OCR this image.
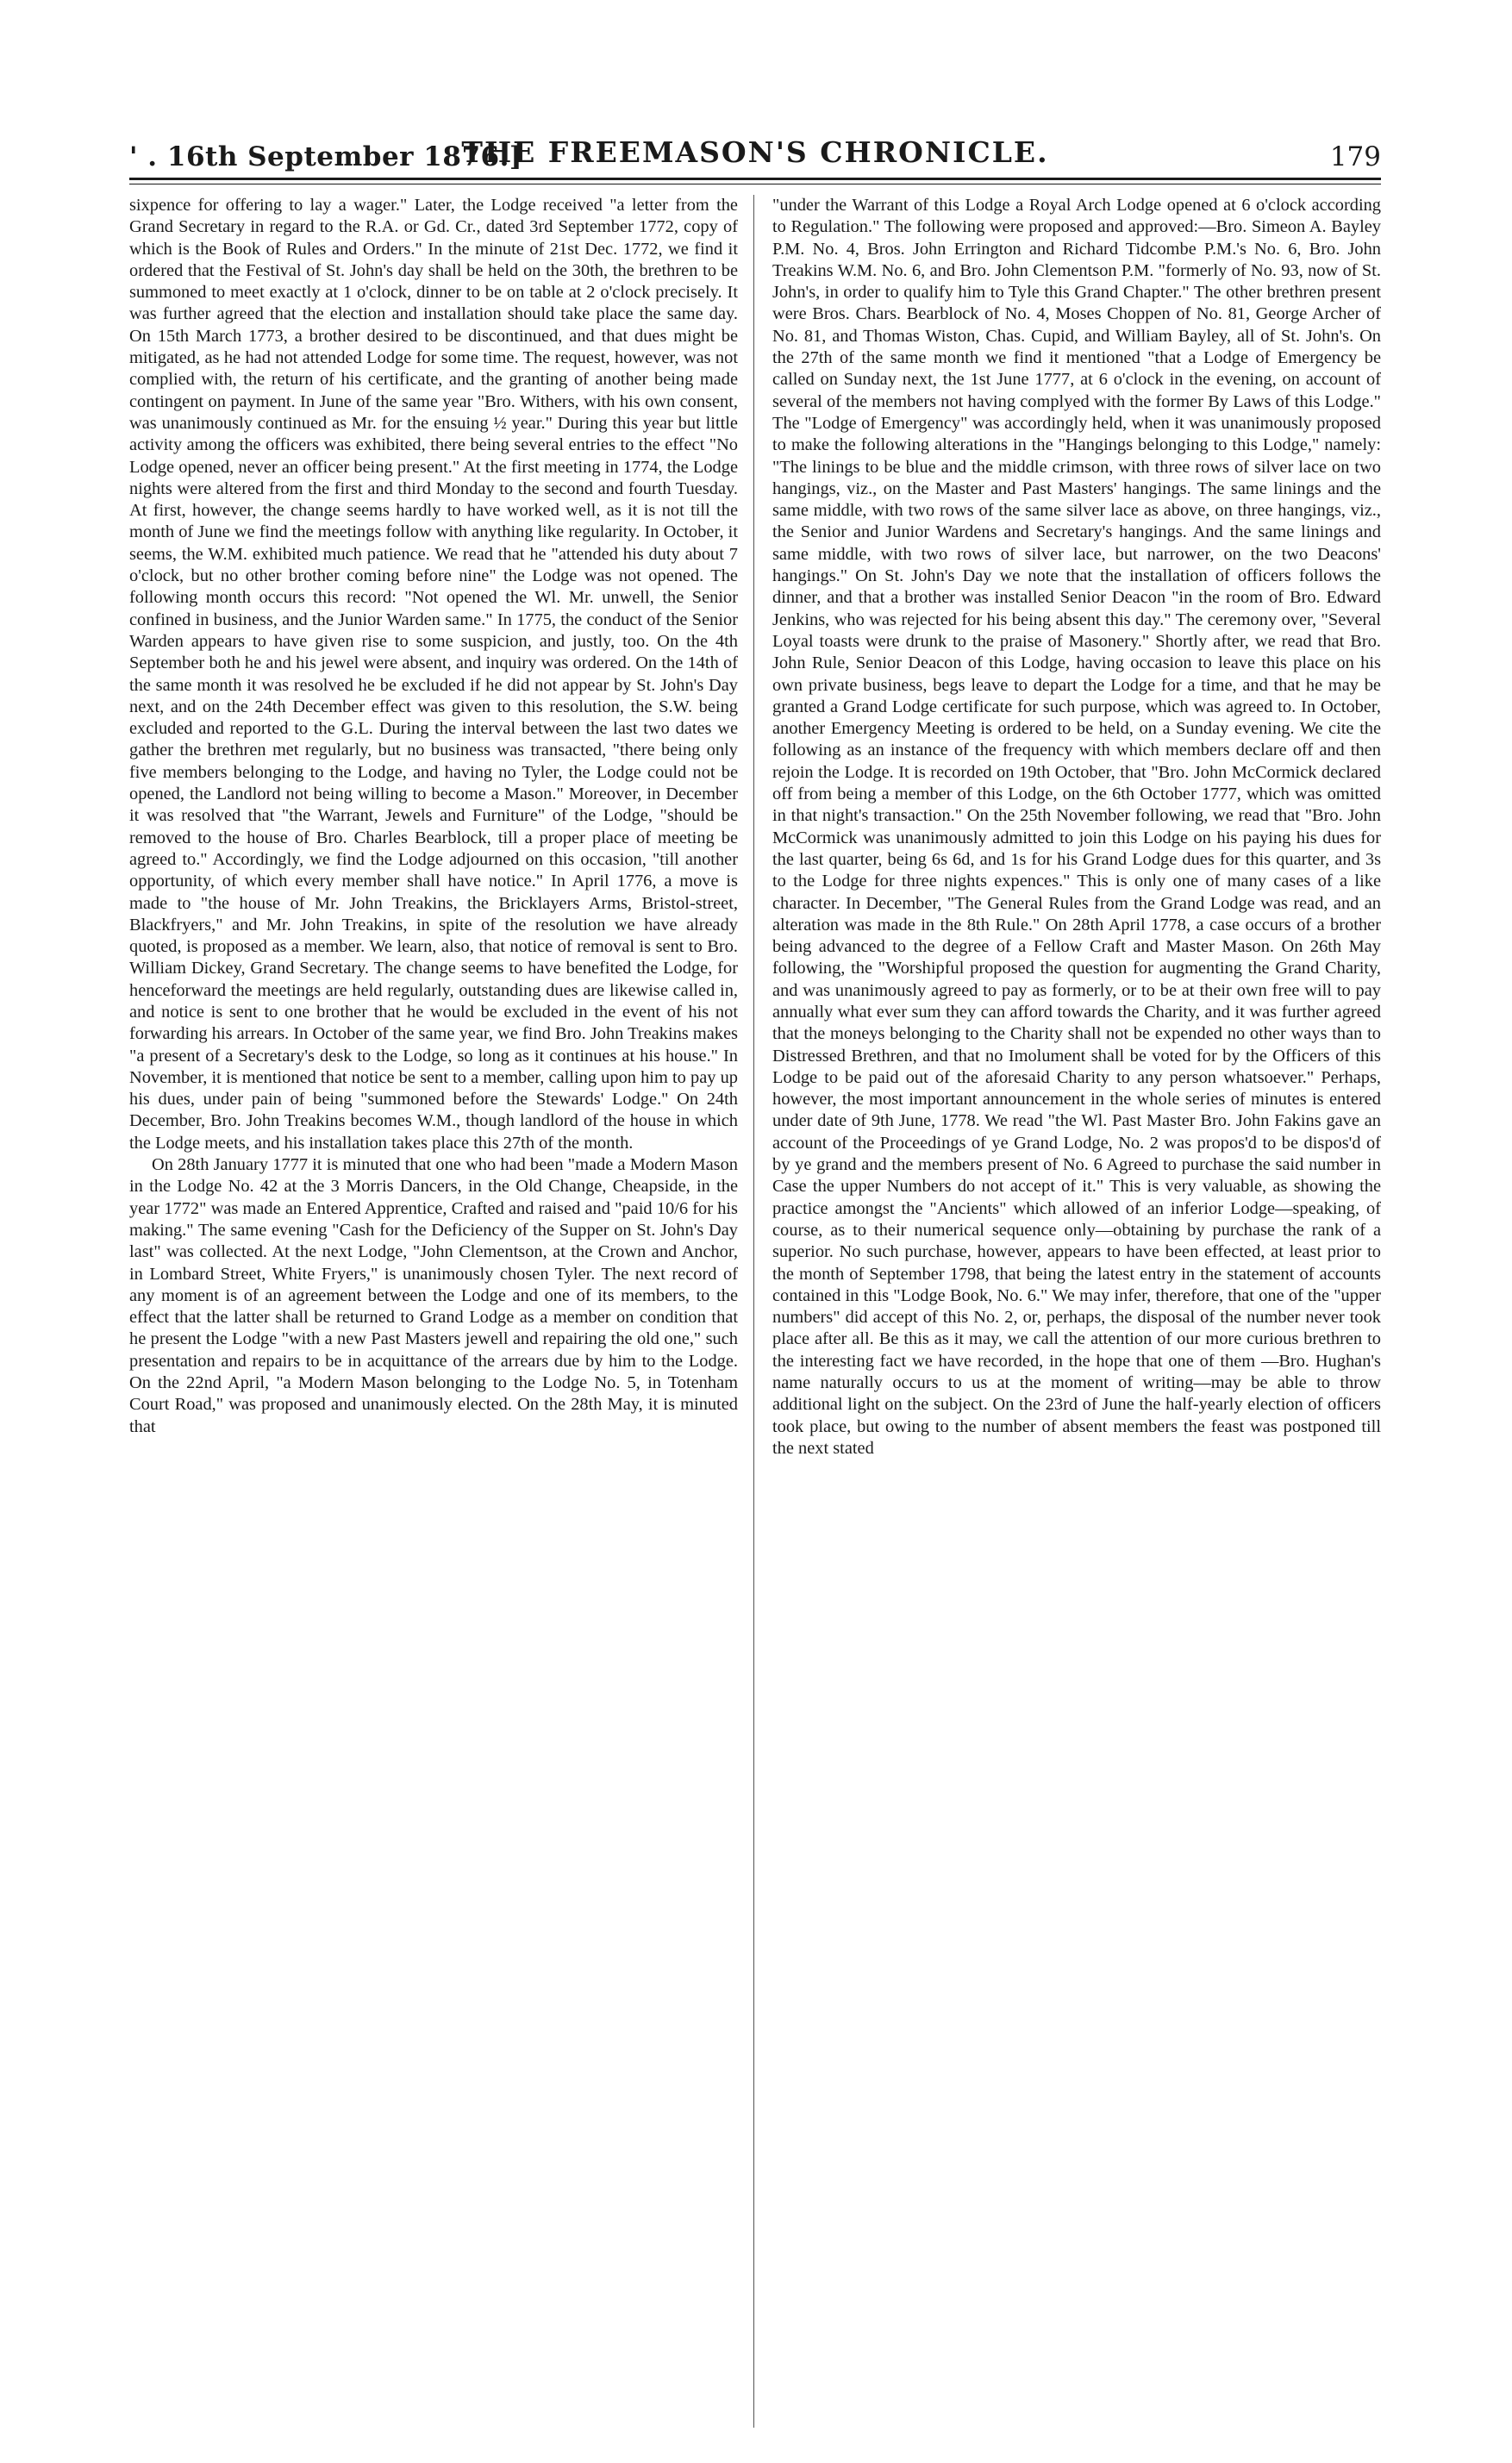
' . 16th September 1876.]
THE FREEMASON'S CHRONICLE.	179

sixpence for offering to lay a wager." Later, the Lodge received "a letter from the Grand Secretary in regard to the R.A. or Gd. Cr., dated 3rd September 1772, copy of which is the Book of Rules and Orders." In the minute of 21st Dec. 1772, we find it ordered that the Festival of St. John's day shall be held on the 30th, the brethren to be summoned to meet exactly at 1 o'clock, dinner to be on table at 2 o'clock precisely. It was further agreed that the election and installation should take place the same day. On 15th March 1773, a brother desired to be discontinued, and that dues might be mitigated, as he had not attended Lodge for some time. The request, however, was not complied with, the return of his certificate, and the granting of another being made contingent on payment. In June of the same year "Bro. Withers, with his own consent, was unanimously continued as Mr. for the ensuing ½ year." During this year but little activity among the officers was exhibited, there being several entries to the effect "No Lodge opened, never an officer being present." At the first meeting in 1774, the Lodge nights were altered from the first and third Monday to the second and fourth Tuesday. At first, however, the change seems hardly to have worked well, as it is not till the month of June we find the meetings follow with anything like regularity. In October, it seems, the W.M. exhibited much patience. We read that he "attended his duty about 7 o'clock, but no other brother coming before nine" the Lodge was not opened. The following month occurs this record: "Not opened the Wl. Mr. unwell, the Senior confined in business, and the Junior Warden same." In 1775, the conduct of the Senior Warden appears to have given rise to some suspicion, and justly, too. On the 4th September both he and his jewel were absent, and inquiry was ordered. On the 14th of the same month it was resolved he be excluded if he did not appear by St. John's Day next, and on the 24th December effect was given to this resolution, the S.W. being excluded and reported to the G.L. During the interval between the last two dates we gather the brethren met regularly, but no business was transacted, "there being only five members belonging to the Lodge, and having no Tyler, the Lodge could not be opened, the Landlord not being willing to become a Mason." Moreover, in December it was resolved that "the Warrant, Jewels and Furniture" of the Lodge, "should be removed to the house of Bro. Charles Bearblock, till a proper place of meeting be agreed to." Accordingly, we find the Lodge adjourned on this occasion, "till another opportunity, of which every member shall have notice." In April 1776, a move is made to "the house of Mr. John Treakins, the Bricklayers Arms, Bristol-street, Blackfryers," and Mr. John Treakins, in spite of the resolution we have already quoted, is proposed as a member. We learn, also, that notice of removal is sent to Bro. William Dickey, Grand Secretary. The change seems to have benefited the Lodge, for henceforward the meetings are held regularly, outstanding dues are likewise called in, and notice is sent to one brother that he would be excluded in the event of his not forwarding his arrears. In October of the same year, we find Bro. John Treakins makes "a present of a Secretary's desk to the Lodge, so long as it continues at his house." In November, it is mentioned that notice be sent to a member, calling upon him to pay up his dues, under pain of being "summoned before the Stewards' Lodge." On 24th December, Bro. John Treakins becomes W.M., though landlord of the house in which the Lodge meets, and his installation takes place this 27th of the month.

On 28th January 1777 it is minuted that one who had been "made a Modern Mason in the Lodge No. 42 at the 3 Morris Dancers, in the Old Change, Cheapside, in the year 1772" was made an Entered Apprentice, Crafted and raised and "paid 10/6 for his making." The same evening "Cash for the Deficiency of the Supper on St. John's Day last" was collected. At the next Lodge, "John Clementson, at the Crown and Anchor, in Lombard Street, White Fryers," is unanimously chosen Tyler. The next record of any moment is of an agreement between the Lodge and one of its members, to the effect that the latter shall be returned to Grand Lodge as a member on condition that he present the Lodge "with a new Past Masters jewell and repairing the old one," such presentation and repairs to be in acquittance of the arrears due by him to the Lodge. On the 22nd April, "a Modern Mason belonging to the Lodge No. 5, in Totenham Court Road," was proposed and unanimously elected. On the 28th May, it is minuted that

"under the Warrant of this Lodge a Royal Arch Lodge opened at 6 o'clock according to Regulation." The following were proposed and approved:—Bro. Simeon A. Bayley P.M. No. 4, Bros. John Errington and Richard Tidcombe P.M.'s No. 6, Bro. John Treakins W.M. No. 6, and Bro. John Clementson P.M. "formerly of No. 93, now of St. John's, in order to qualify him to Tyle this Grand Chapter." The other brethren present were Bros. Chars. Bearblock of No. 4, Moses Choppen of No. 81, George Archer of No. 81, and Thomas Wiston, Chas. Cupid, and William Bayley, all of St. John's. On the 27th of the same month we find it mentioned "that a Lodge of Emergency be called on Sunday next, the 1st June 1777, at 6 o'clock in the evening, on account of several of the members not having complyed with the former By Laws of this Lodge." The "Lodge of Emergency" was accordingly held, when it was unanimously proposed to make the following alterations in the "Hangings belonging to this Lodge," namely: "The linings to be blue and the middle crimson, with three rows of silver lace on two hangings, viz., on the Master and Past Masters' hangings. The same linings and the same middle, with two rows of the same silver lace as above, on three hangings, viz., the Senior and Junior Wardens and Secretary's hangings. And the same linings and same middle, with two rows of silver lace, but narrower, on the two Deacons' hangings." On St. John's Day we note that the installation of officers follows the dinner, and that a brother was installed Senior Deacon "in the room of Bro. Edward Jenkins, who was rejected for his being absent this day." The ceremony over, "Several Loyal toasts were drunk to the praise of Masonery." Shortly after, we read that Bro. John Rule, Senior Deacon of this Lodge, having occasion to leave this place on his own private business, begs leave to depart the Lodge for a time, and that he may be granted a Grand Lodge certificate for such purpose, which was agreed to. In October, another Emergency Meeting is ordered to be held, on a Sunday evening. We cite the following as an instance of the frequency with which members declare off and then rejoin the Lodge. It is recorded on 19th October, that "Bro. John McCormick declared off from being a member of this Lodge, on the 6th October 1777, which was omitted in that night's transaction." On the 25th November following, we read that "Bro. John McCormick was unanimously admitted to join this Lodge on his paying his dues for the last quarter, being 6s 6d, and 1s for his Grand Lodge dues for this quarter, and 3s to the Lodge for three nights expences." This is only one of many cases of a like character. In December, "The General Rules from the Grand Lodge was read, and an alteration was made in the 8th Rule." On 28th April 1778, a case occurs of a brother being advanced to the degree of a Fellow Craft and Master Mason. On 26th May following, the "Worshipful proposed the question for augmenting the Grand Charity, and was unanimously agreed to pay as formerly, or to be at their own free will to pay annually what ever sum they can afford towards the Charity, and it was further agreed that the moneys belonging to the Charity shall not be expended no other ways than to Distressed Brethren, and that no Imolument shall be voted for by the Officers of this Lodge to be paid out of the aforesaid Charity to any person whatsoever." Perhaps, however, the most important announcement in the whole series of minutes is entered under date of 9th June, 1778. We read "the Wl. Past Master Bro. John Fakins gave an account of the Proceedings of ye Grand Lodge, No. 2 was propos'd to be dispos'd of by ye grand and the members present of No. 6 Agreed to purchase the said number in Case the upper Numbers do not accept of it." This is very valuable, as showing the practice amongst the "Ancients" which allowed of an inferior Lodge—speaking, of course, as to their numerical sequence only—obtaining by purchase the rank of a superior. No such purchase, however, appears to have been effected, at least prior to the month of September 1798, that being the latest entry in the statement of accounts contained in this "Lodge Book, No. 6." We may infer, therefore, that one of the "upper numbers" did accept of this No. 2, or, perhaps, the disposal of the number never took place after all. Be this as it may, we call the attention of our more curious brethren to the interesting fact we have recorded, in the hope that one of them —Bro. Hughan's name naturally occurs to us at the moment of writing—may be able to throw additional light on the subject. On the 23rd of June the half-yearly election of officers took place, but owing to the number of absent members the feast was postponed till the next stated
